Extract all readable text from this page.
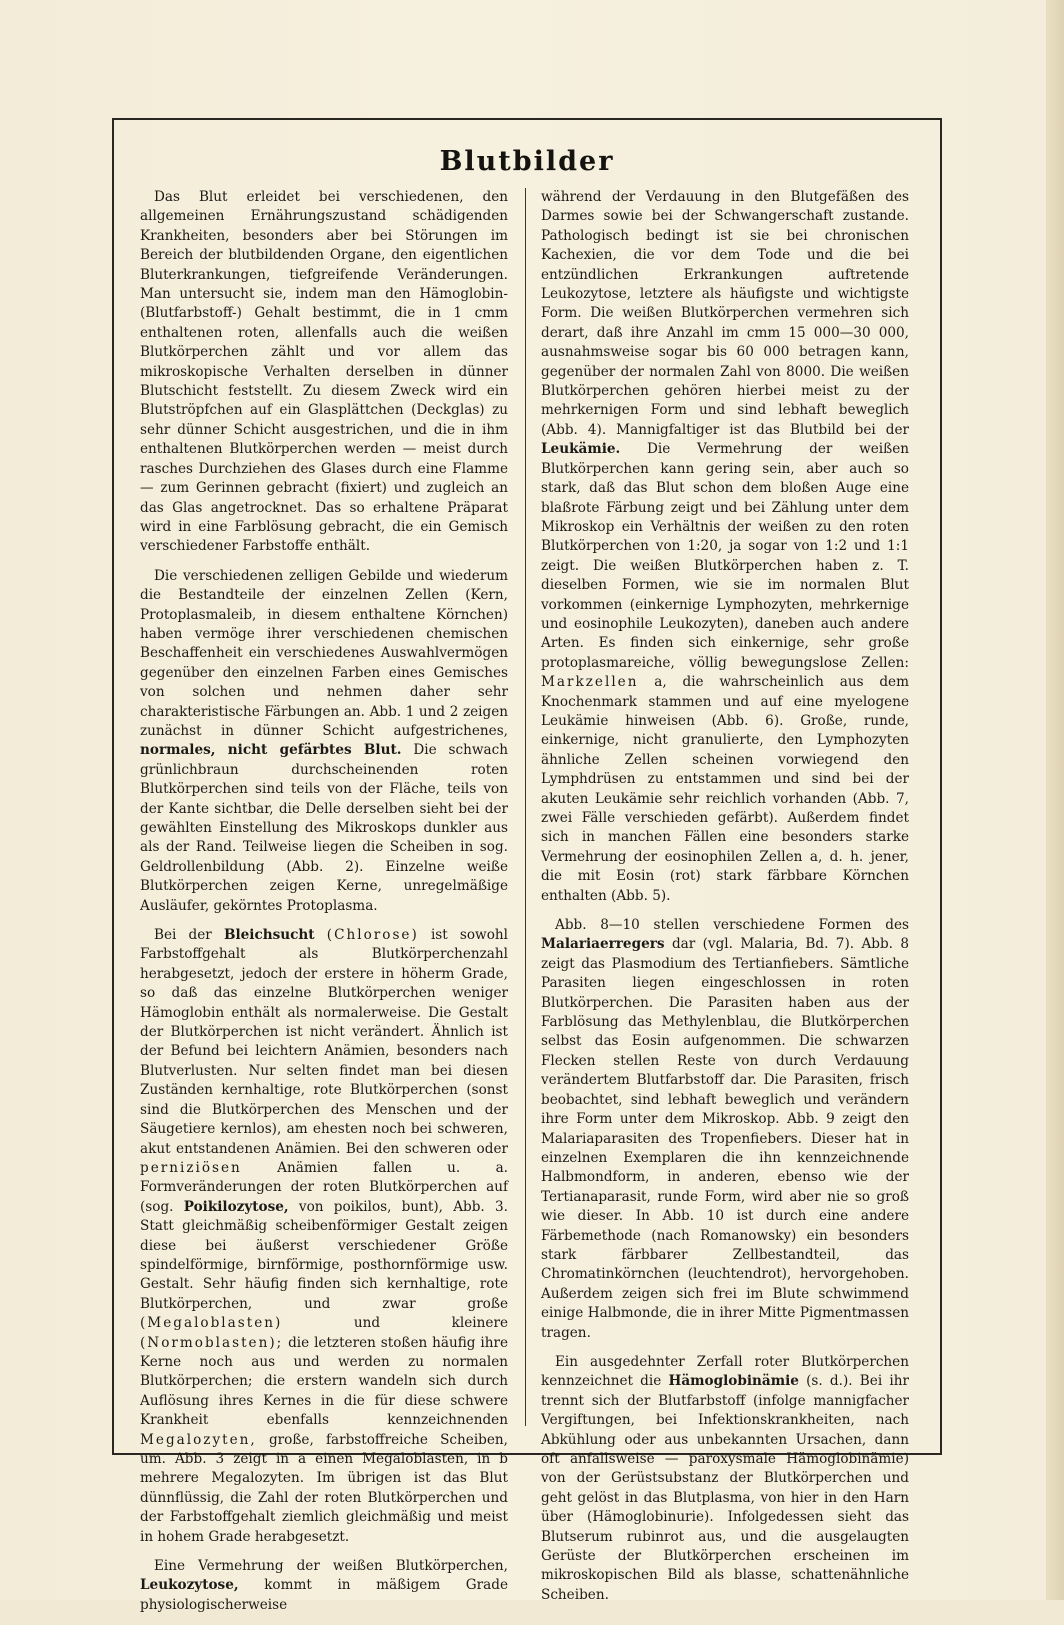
Blutbilder

Das Blut erleidet bei verschiedenen, den allgemeinen Ernährungszustand schädigenden Krankheiten, besonders aber bei Störungen im Bereich der blutbildenden Organe, den eigentlichen Bluterkrankungen, tiefgreifende Veränderungen. Man untersucht sie, indem man den Hämoglobin- (Blutfarbstoff-) Gehalt bestimmt, die in 1 cmm enthaltenen roten, allenfalls auch die weißen Blutkörperchen zählt und vor allem das mikroskopische Verhalten derselben in dünner Blutschicht feststellt. Zu diesem Zweck wird ein Blutströpfchen auf ein Glasplättchen (Deckglas) zu sehr dünner Schicht ausgestrichen, und die in ihm enthaltenen Blutkörperchen werden — meist durch rasches Durchziehen des Glases durch eine Flamme — zum Gerinnen gebracht (fixiert) und zugleich an das Glas angetrocknet. Das so erhaltene Präparat wird in eine Farblösung gebracht, die ein Gemisch verschiedener Farbstoffe enthält.

Die verschiedenen zelligen Gebilde und wiederum die Bestandteile der einzelnen Zellen (Kern, Protoplasmaleib, in diesem enthaltene Körnchen) haben vermöge ihrer verschiedenen chemischen Beschaffenheit ein verschiedenes Auswahlvermögen gegenüber den einzelnen Farben eines Gemisches von solchen und nehmen daher sehr charakteristische Färbungen an. Abb. 1 und 2 zeigen zunächst in dünner Schicht aufgestrichenes, normales, nicht gefärbtes Blut. Die schwach grünlichbraun durchscheinenden roten Blutkörperchen sind teils von der Fläche, teils von der Kante sichtbar, die Delle derselben sieht bei der gewählten Einstellung des Mikroskops dunkler aus als der Rand. Teilweise liegen die Scheiben in sog. Geldrollenbildung (Abb. 2). Einzelne weiße Blutkörperchen zeigen Kerne, unregelmäßige Ausläufer, gekörntes Protoplasma.

Bei der Bleichsucht (Chlorose) ist sowohl Farbstoffgehalt als Blutkörperchenzahl herabgesetzt, jedoch der erstere in höherm Grade, so daß das einzelne Blutkörperchen weniger Hämoglobin enthält als normalerweise. Die Gestalt der Blutkörperchen ist nicht verändert. Ähnlich ist der Befund bei leichtern Anämien, besonders nach Blutverlusten. Nur selten findet man bei diesen Zuständen kernhaltige, rote Blutkörperchen (sonst sind die Blutkörperchen des Menschen und der Säugetiere kernlos), am ehesten noch bei schweren, akut entstandenen Anämien. Bei den schweren oder perniziösen	Anämien fallen u. a. Formveränderungen der roten Blutkörperchen auf (sog. Poikilozytose, von poikilos, bunt), Abb. 3. Statt gleichmäßig scheibenförmiger Gestalt zeigen diese bei äußerst verschiedener Größe spindelförmige, birnförmige, posthornförmige usw. Gestalt. Sehr häufig finden sich kernhaltige, rote Blutkörperchen, und zwar große (Megaloblasten)	und kleinere (Normoblasten); die letzteren stoßen häufig ihre Kerne noch aus und werden zu normalen Blutkörperchen; die erstern wandeln sich durch Auflösung ihres Kernes in die für diese schwere Krankheit ebenfalls kennzeichnenden Megalozyten, große, farbstoffreiche Scheiben, um. Abb. 3 zeigt in a einen Megaloblasten, in b mehrere Megalozyten. Im übrigen ist das Blut dünnflüssig, die Zahl der roten Blutkörperchen und der Farbstoffgehalt ziemlich gleichmäßig und meist in hohem Grade herabgesetzt.

Eine Vermehrung der weißen Blutkörperchen, Leukozytose, kommt in mäßigem Grade physiologischerweise

während der Verdauung in den Blutgefäßen des Darmes sowie bei der Schwangerschaft zustande. Pathologisch bedingt ist sie bei chronischen Kachexien, die vor dem Tode und die bei entzündlichen Erkrankungen auftretende Leukozytose, letztere als häufigste und wichtigste Form. Die weißen Blutkörperchen vermehren sich derart, daß ihre Anzahl im cmm 15 000—30 000, ausnahmsweise sogar bis 60 000 betragen kann, gegenüber der normalen Zahl von 8000. Die weißen Blutkörperchen gehören hierbei meist zu der mehrkernigen Form und sind lebhaft beweglich (Abb. 4). Mannigfaltiger ist das Blutbild bei der Leukämie. Die Vermehrung der weißen Blutkörperchen kann gering sein, aber auch so stark, daß das Blut schon dem bloßen Auge eine blaßrote Färbung zeigt und bei Zählung unter dem Mikroskop ein Verhältnis der weißen zu den roten Blutkörperchen von 1:20, ja sogar von 1:2 und 1:1 zeigt. Die weißen Blutkörperchen haben z. T. dieselben Formen, wie sie im normalen Blut vorkommen (einkernige Lymphozyten, mehrkernige und eosinophile Leukozyten), daneben auch andere Arten. Es finden sich einkernige, sehr große protoplasmareiche, völlig bewegungslose Zellen: Markzellen a, die wahrscheinlich aus dem Knochenmark stammen und auf eine myelogene Leukämie hinweisen (Abb. 6). Große, runde, einkernige, nicht granulierte, den Lymphozyten ähnliche Zellen scheinen vorwiegend den Lymphdrüsen zu entstammen und sind bei der akuten Leukämie sehr reichlich vorhanden (Abb. 7, zwei Fälle verschieden gefärbt). Außerdem findet sich in manchen Fällen eine besonders starke Vermehrung der eosinophilen Zellen a, d. h. jener, die mit Eosin (rot) stark färbbare Körnchen enthalten (Abb. 5).

Abb. 8—10 stellen verschiedene Formen des Malariaerregers dar (vgl. Malaria, Bd. 7). Abb. 8 zeigt das Plasmodium des Tertianfiebers. Sämtliche Parasiten liegen eingeschlossen in roten Blutkörperchen. Die Parasiten haben aus der Farblösung das Methylenblau, die Blutkörperchen selbst das Eosin aufgenommen. Die schwarzen Flecken stellen Reste von durch Verdauung verändertem Blutfarbstoff dar. Die Parasiten, frisch beobachtet, sind lebhaft beweglich und verändern ihre Form unter dem Mikroskop. Abb. 9 zeigt den Malariaparasiten des Tropenfiebers. Dieser hat in einzelnen Exemplaren die ihn kennzeichnende Halbmondform, in anderen, ebenso wie der Tertianaparasit, runde Form, wird aber nie so groß wie dieser. In Abb. 10 ist durch eine andere Färbemethode (nach Romanowsky) ein besonders stark färbbarer Zellbestandteil, das Chromatinkörnchen (leuchtendrot), hervorgehoben. Außerdem zeigen sich frei im Blute schwimmend einige Halbmonde, die in ihrer Mitte Pigmentmassen tragen.

Ein ausgedehnter Zerfall roter Blutkörperchen kennzeichnet die Hämoglobinämie (s. d.). Bei ihr trennt sich der Blutfarbstoff (infolge mannigfacher Vergiftungen, bei Infektionskrankheiten, nach Abkühlung oder aus unbekannten Ursachen, dann oft anfallsweise — paroxysmale Hämoglobinämie) von der Gerüstsubstanz der Blutkörperchen und geht gelöst in das Blutplasma, von hier in den Harn über (Hämoglobinurie). Infolgedessen sieht das Blutserum rubinrot aus, und die ausgelaugten Gerüste der Blutkörperchen erscheinen im mikroskopischen Bild als blasse, schattenähnliche Scheiben.
